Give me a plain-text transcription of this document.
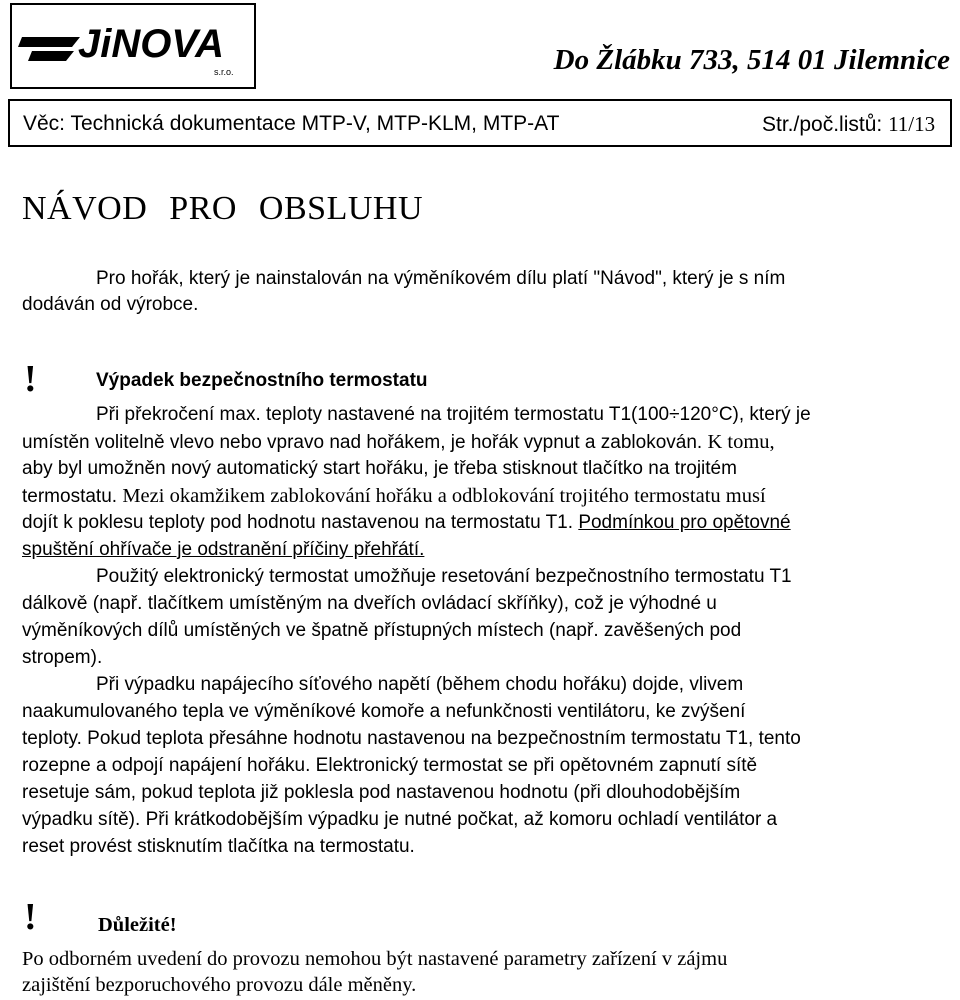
JiNOVA
s.r.o.	Do Žlábku 733, 514 01 Jilemnice
Věc: Technická dokumentace MTP-V, MTP-KLM, MTP-AT	Str./poč.listů: 11/13
NÁVOD PRO OBSLUHU
Pro hořák, který je nainstalován na výměníkovém dílu platí "Návod", který je s ním
dodáván od výrobce.
!	Výpadek bezpečnostního termostatu
Při překročení max. teploty nastavené na trojitém termostatu T1(100÷120°C), který je
umístěn volitelně vlevo nebo vpravo nad hořákem, je hořák vypnut a zablokován. K tomu,
aby byl umožněn nový automatický start hořáku, je třeba stisknout tlačítko na trojitém
termostatu. Mezi okamžikem zablokování hořáku a odblokování trojitého termostatu musí
dojít k poklesu teploty pod hodnotu nastavenou na termostatu T1. Podmínkou pro opětovné
spuštění ohřívače je odstranění příčiny přehřátí.
Použitý elektronický termostat umožňuje resetování bezpečnostního termostatu T1
dálkově (např. tlačítkem umístěným na dveřích ovládací skříňky), což je výhodné u
výměníkových dílů umístěných ve špatně přístupných místech (např. zavěšených pod
stropem).
Při výpadku napájecího síťového napětí (během chodu hořáku) dojde, vlivem
naakumulovaného tepla ve výměníkové komoře a nefunkčnosti ventilátoru, ke zvýšení
teploty. Pokud teplota přesáhne hodnotu nastavenou na bezpečnostním termostatu T1, tento
rozepne a odpojí napájení hořáku. Elektronický termostat se při opětovném zapnutí sítě
resetuje sám, pokud teplota již poklesla pod nastavenou hodnotu (při dlouhodobějším
výpadku sítě). Při krátkodobějším výpadku je nutné počkat, až komoru ochladí ventilátor a
reset provést stisknutím tlačítka na termostatu.
!	Důležité!
Po odborném uvedení do provozu nemohou být nastavené parametry zařízení v zájmu
zajištění bezporuchového provozu dále měněny.
